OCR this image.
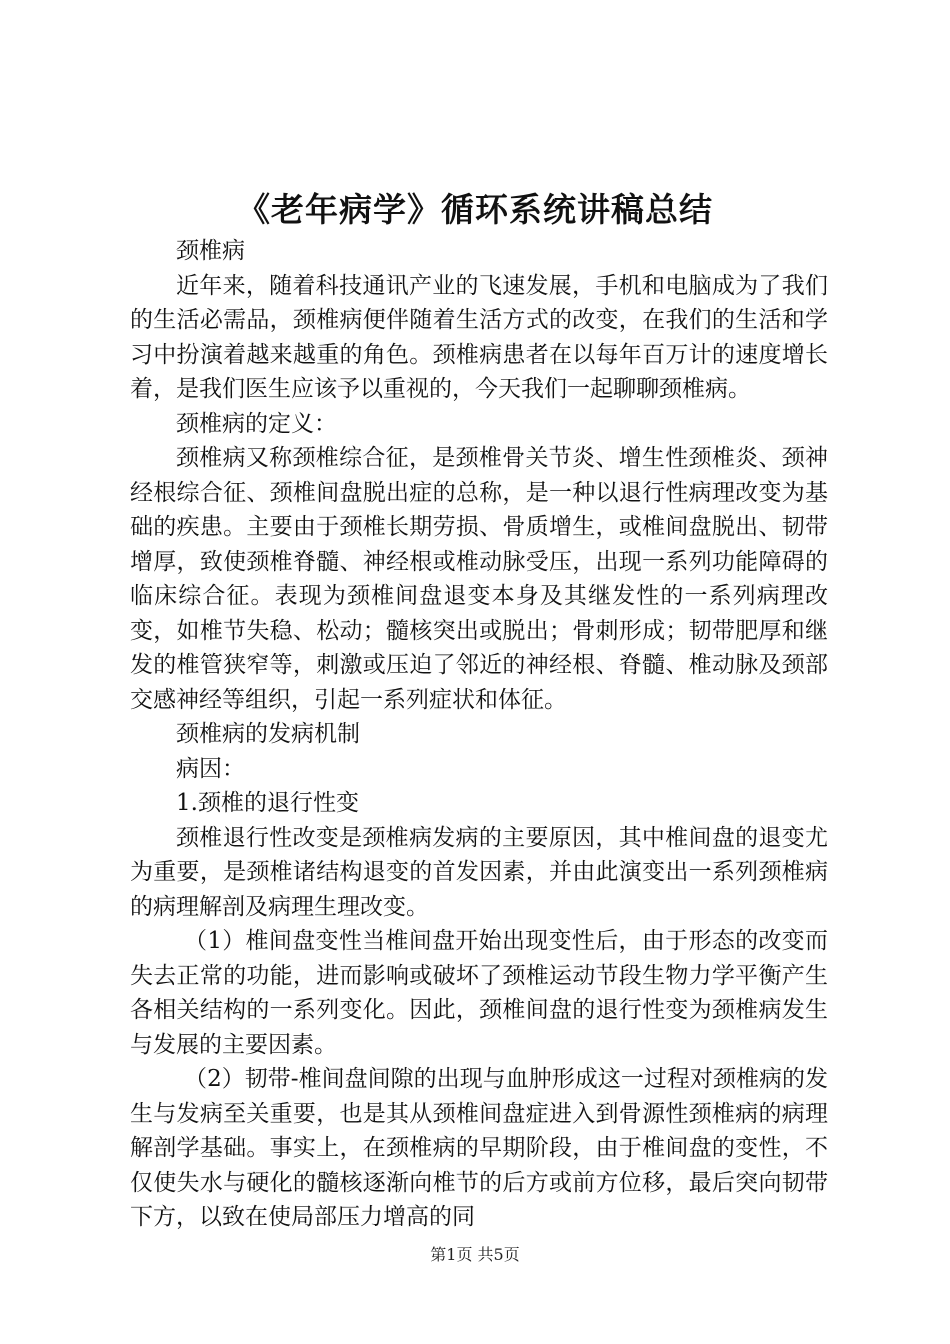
《老年病学》循环系统讲稿总结

颈椎病

近年来，随着科技通讯产业的飞速发展，手机和电脑成为了我们的生活必需品，颈椎病便伴随着生活方式的改变，在我们的生活和学习中扮演着越来越重的角色。颈椎病患者在以每年百万计的速度增长着，是我们医生应该予以重视的，今天我们一起聊聊颈椎病。

颈椎病的定义：

颈椎病又称颈椎综合征，是颈椎骨关节炎、增生性颈椎炎、颈神经根综合征、颈椎间盘脱出症的总称，是一种以退行性病理改变为基础的疾患。主要由于颈椎长期劳损、骨质增生，或椎间盘脱出、韧带增厚，致使颈椎脊髓、神经根或椎动脉受压，出现一系列功能障碍的临床综合征。表现为颈椎间盘退变本身及其继发性的一系列病理改变，如椎节失稳、松动；髓核突出或脱出；骨刺形成；韧带肥厚和继发的椎管狭窄等，刺激或压迫了邻近的神经根、脊髓、椎动脉及颈部交感神经等组织，引起一系列症状和体征。

颈椎病的发病机制

病因：

1.颈椎的退行性变

颈椎退行性改变是颈椎病发病的主要原因，其中椎间盘的退变尤为重要，是颈椎诸结构退变的首发因素，并由此演变出一系列颈椎病的病理解剖及病理生理改变。

（1）椎间盘变性当椎间盘开始出现变性后，由于形态的改变而失去正常的功能，进而影响或破坏了颈椎运动节段生物力学平衡产生各相关结构的一系列变化。因此，颈椎间盘的退行性变为颈椎病发生与发展的主要因素。

（2）韧带-椎间盘间隙的出现与血肿形成这一过程对颈椎病的发生与发病至关重要，也是其从颈椎间盘症进入到骨源性颈椎病的病理解剖学基础。事实上，在颈椎病的早期阶段，由于椎间盘的变性，不仅使失水与硬化的髓核逐渐向椎节的后方或前方位移，最后突向韧带下方，以致在使局部压力增高的同

第1页 共5页
